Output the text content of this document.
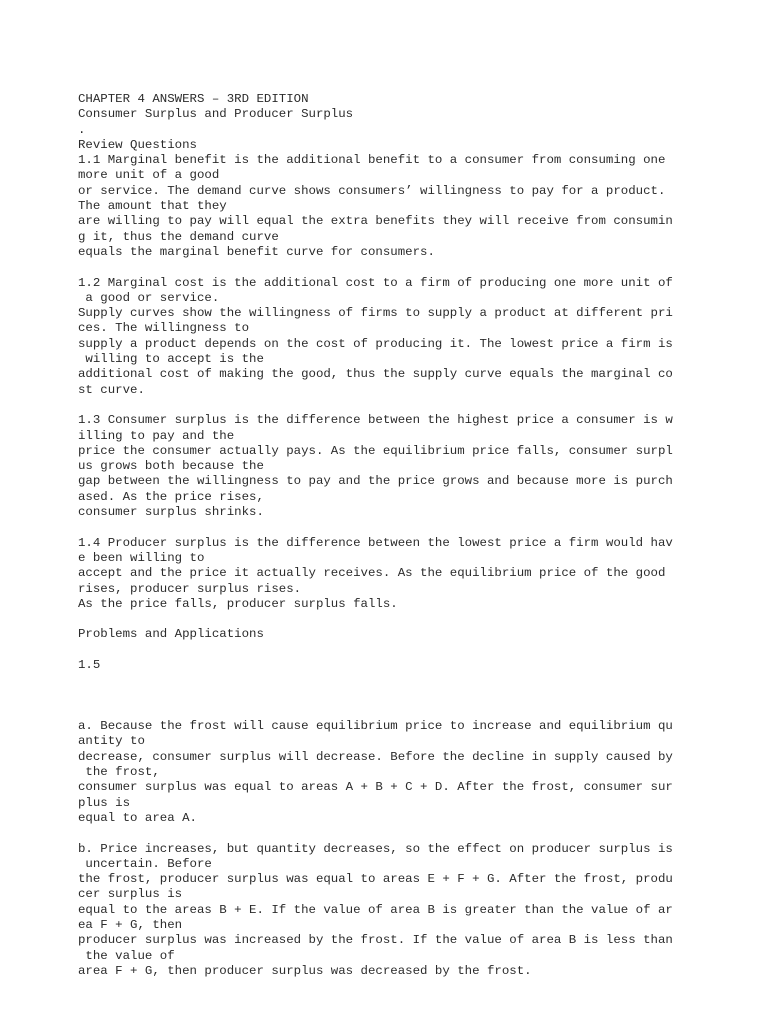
CHAPTER 4 ANSWERS – 3RD EDITION
Consumer Surplus and Producer Surplus
.
Review Questions
1.1 Marginal benefit is the additional benefit to a consumer from consuming one
more unit of a good
or service. The demand curve shows consumers’ willingness to pay for a product.
The amount that they
are willing to pay will equal the extra benefits they will receive from consumin
g it, thus the demand curve
equals the marginal benefit curve for consumers.
1.2 Marginal cost is the additional cost to a firm of producing one more unit of
a good or service.
Supply curves show the willingness of firms to supply a product at different pri
ces. The willingness to
supply a product depends on the cost of producing it. The lowest price a firm is
willing to accept is the
additional cost of making the good, thus the supply curve equals the marginal co
st curve.
1.3 Consumer surplus is the difference between the highest price a consumer is w
illing to pay and the
price the consumer actually pays. As the equilibrium price falls, consumer surpl
us grows both because the
gap between the willingness to pay and the price grows and because more is purch
ased. As the price rises,
consumer surplus shrinks.
1.4 Producer surplus is the difference between the lowest price a firm would hav
e been willing to
accept and the price it actually receives. As the equilibrium price of the good
rises, producer surplus rises.
As the price falls, producer surplus falls.
Problems and Applications
1.5
a. Because the frost will cause equilibrium price to increase and equilibrium qu
antity to
decrease, consumer surplus will decrease. Before the decline in supply caused by
the frost,
consumer surplus was equal to areas A + B + C + D. After the frost, consumer sur
plus is
equal to area A.
b. Price increases, but quantity decreases, so the effect on producer surplus is
uncertain. Before
the frost, producer surplus was equal to areas E + F + G. After the frost, produ
cer surplus is
equal to the areas B + E. If the value of area B is greater than the value of ar
ea F + G, then
producer surplus was increased by the frost. If the value of area B is less than
the value of
area F + G, then producer surplus was decreased by the frost.
